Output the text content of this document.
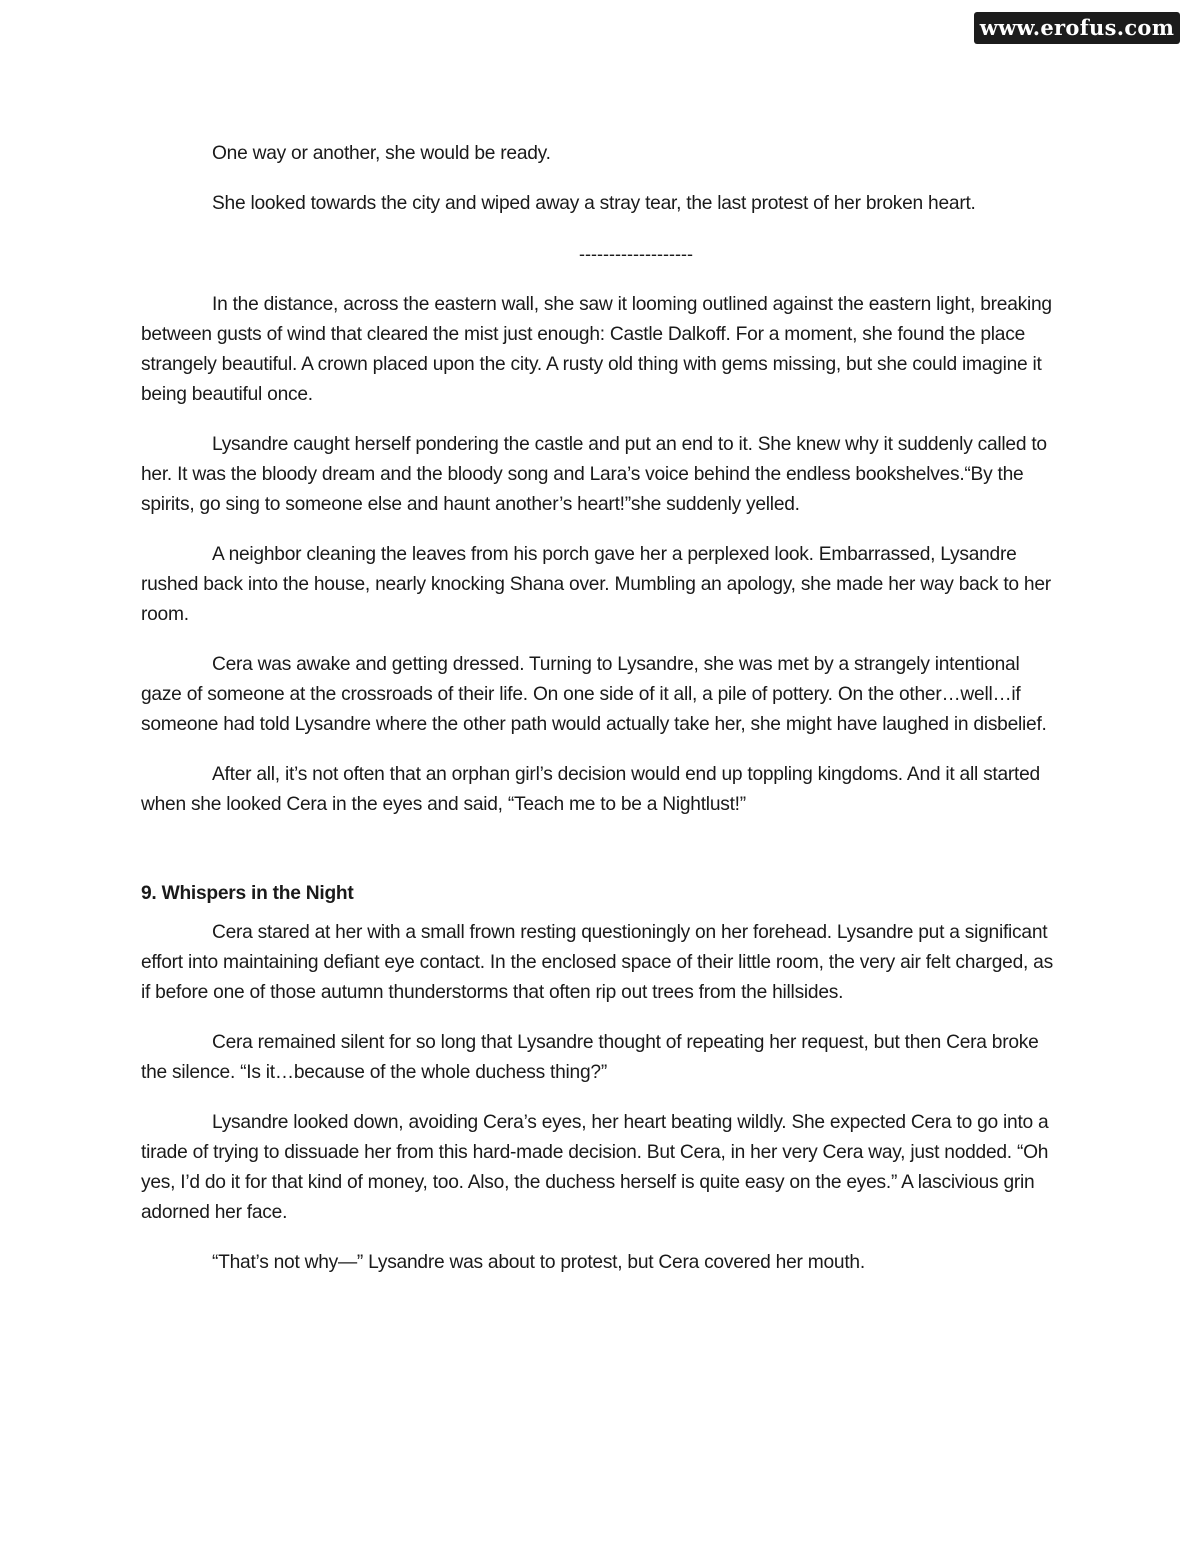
www.erofus.com

One way or another, she would be ready.

She looked towards the city and wiped away a stray tear, the last protest of her broken heart.

-------------------

In the distance, across the eastern wall, she saw it looming outlined against the eastern light, breaking between gusts of wind that cleared the mist just enough: Castle Dalkoff. For a moment, she found the place strangely beautiful. A crown placed upon the city. A rusty old thing with gems missing, but she could imagine it being beautiful once.

Lysandre caught herself pondering the castle and put an end to it. She knew why it suddenly called to her. It was the bloody dream and the bloody song and Lara’s voice behind the endless bookshelves.“By the spirits, go sing to someone else and haunt another’s heart!”she suddenly yelled.

A neighbor cleaning the leaves from his porch gave her a perplexed look. Embarrassed, Lysandre rushed back into the house, nearly knocking Shana over. Mumbling an apology, she made her way back to her room.

Cera was awake and getting dressed. Turning to Lysandre, she was met by a strangely intentional gaze of someone at the crossroads of their life. On one side of it all, a pile of pottery. On the other…well…if someone had told Lysandre where the other path would actually take her, she might have laughed in disbelief.

After all, it’s not often that an orphan girl’s decision would end up toppling kingdoms. And it all started when she looked Cera in the eyes and said, “Teach me to be a Nightlust!”

9. Whispers in the Night

Cera stared at her with a small frown resting questioningly on her forehead. Lysandre put a significant effort into maintaining defiant eye contact. In the enclosed space of their little room, the very air felt charged, as if before one of those autumn thunderstorms that often rip out trees from the hillsides.

Cera remained silent for so long that Lysandre thought of repeating her request, but then Cera broke the silence. “Is it…because of the whole duchess thing?”

Lysandre looked down, avoiding Cera’s eyes, her heart beating wildly. She expected Cera to go into a tirade of trying to dissuade her from this hard-made decision. But Cera, in her very Cera way, just nodded. “Oh yes, I’d do it for that kind of money, too. Also, the duchess herself is quite easy on the eyes.” A lascivious grin adorned her face.

“That’s not why—” Lysandre was about to protest, but Cera covered her mouth.
